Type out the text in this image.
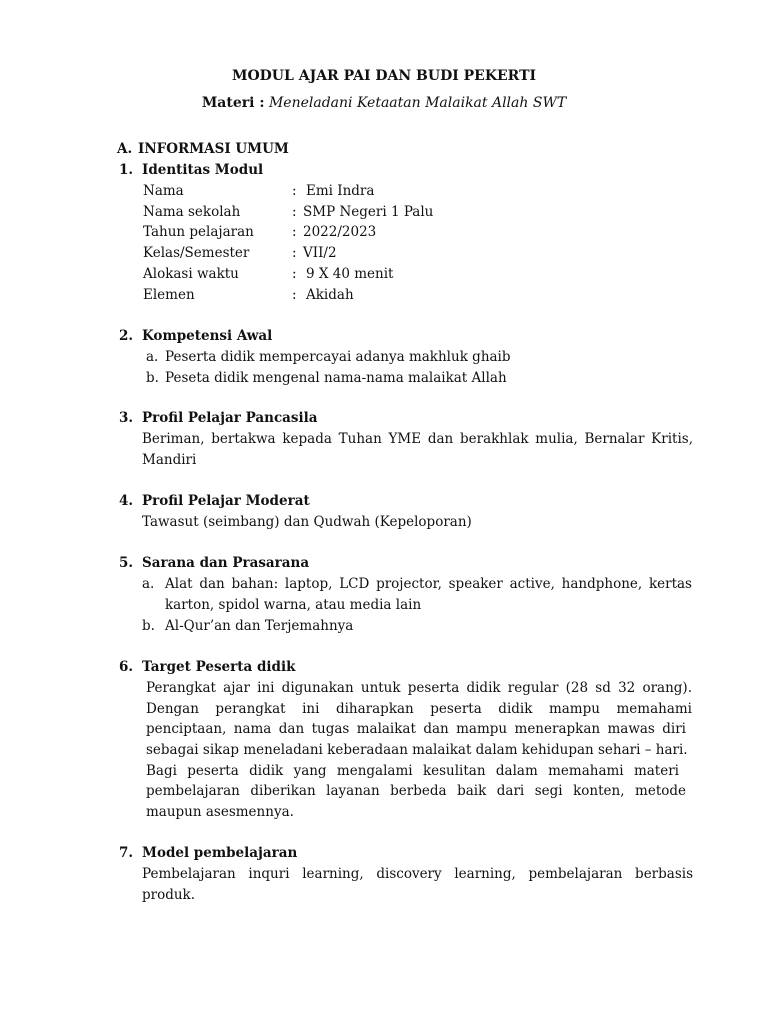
MODUL AJAR PAI DAN BUDI PEKERTI
Materi : Meneladani Ketaatan Malaikat Allah SWT
A. INFORMASI UMUM
1. Identitas Modul
Nama	: Emi Indra
Nama sekolah	: SMP Negeri 1 Palu
Tahun pelajaran	: 2022/2023
Kelas/Semester	: VII/2
Alokasi waktu	: 9 X 40 menit
Elemen	: Akidah
2. Kompetensi Awal
a. Peserta didik mempercayai adanya makhluk ghaib
b. Peseta didik mengenal nama-nama malaikat Allah
3. Profil Pelajar Pancasila
Beriman, bertakwa kepada Tuhan YME dan berakhlak mulia, Bernalar Kritis,
Mandiri
4. Profil Pelajar Moderat
Tawasut (seimbang) dan Qudwah (Kepeloporan)
5. Sarana dan Prasarana
a. Alat dan bahan: laptop, LCD projector, speaker active, handphone, kertas
karton, spidol warna, atau media lain
b. Al-Qur’an dan Terjemahnya
6. Target Peserta didik
Perangkat ajar ini digunakan untuk peserta didik regular (28 sd 32 orang).
Dengan perangkat ini diharapkan peserta didik mampu memahami
penciptaan, nama dan tugas malaikat dan mampu menerapkan mawas diri
sebagai sikap meneladani keberadaan malaikat dalam kehidupan sehari – hari.
Bagi peserta didik yang mengalami kesulitan dalam memahami materi
pembelajaran diberikan layanan berbeda baik dari segi konten, metode
maupun asesmennya.
7. Model pembelajaran
Pembelajaran inquri learning, discovery learning, pembelajaran berbasis
produk.
